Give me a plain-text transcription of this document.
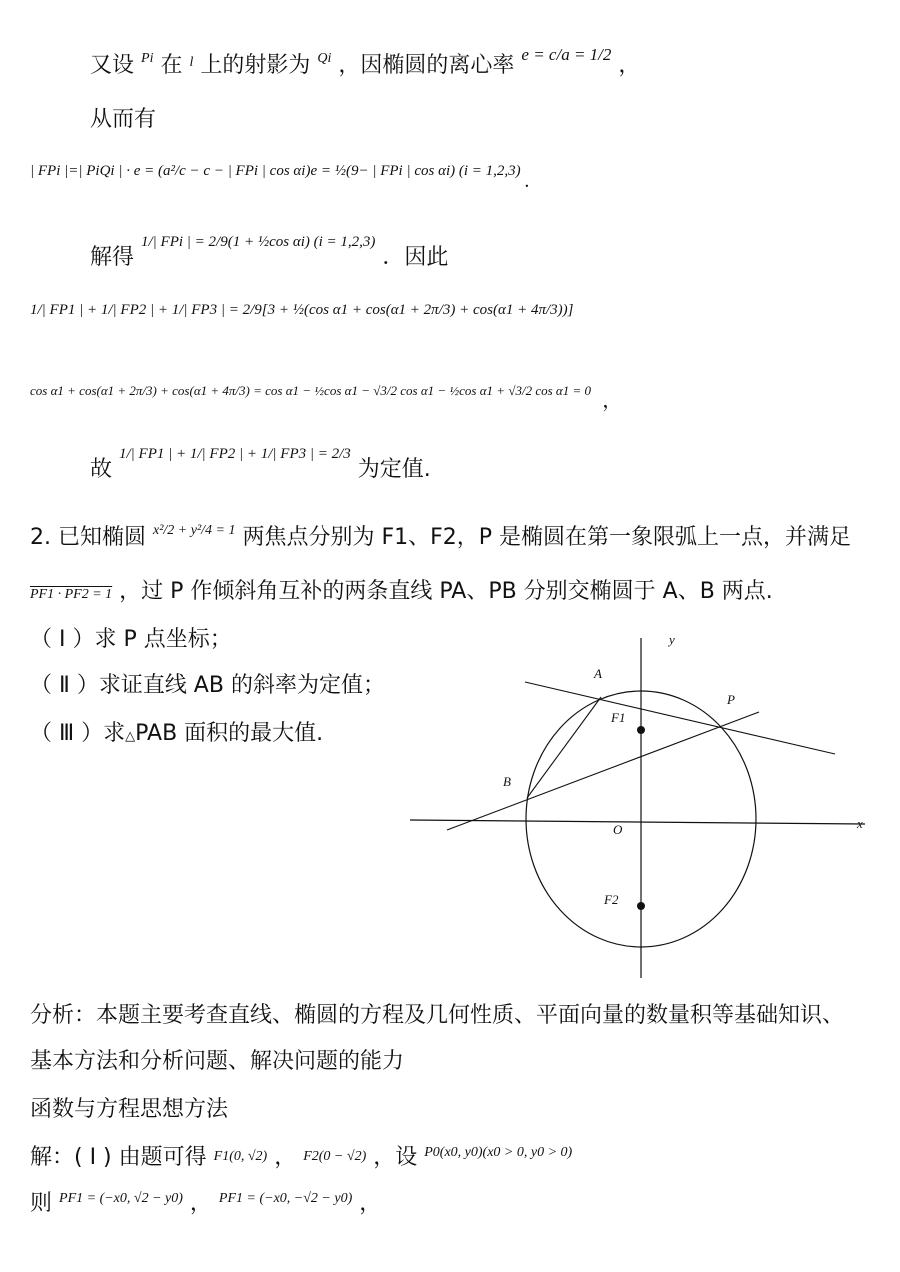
又设 $^{Pi}$ 在 $^l$ 上的射影为 $^{Qi}$ ，因椭圆的离心率 $^{e = c/a = 1/2}$ ，
从而有
| FPi |=| PiQi | · e = (a²/c − c − | FPi | cos αi)e = ½(9− | FPi | cos αi) (i = 1,2,3) .
解得 $^{1/| FPi | = 2/9(1 + \frac{1}{2}cos \alpha i) (i = 1,2,3)}$ ．因此
1/| FP1 | + 1/| FP2 | + 1/| FP3 | = 2/9[3 + ½(cos α1 + cos(α1 + 2π/3) + cos(α1 + 4π/3))]
cos α1 + cos(α1 + 2π/3) + cos(α1 + 4π/3) = cos α1 − ½cos α1 − √3/2 cos α1 − ½cos α1 + √3/2 cos α1 = 0 ，
故 $^{1/| FP1 | + 1/| FP2 | + 1/| FP3 | = 2/3}$ 为定值.
2. 已知椭圆 $^{x^2/2 + y^2/4 = 1}$ 两焦点分别为 F1、F2，P 是椭圆在第一象限弧上一点，并满足
PF1 · PF2 = 1 ，过 P 作倾斜角互补的两条直线 PA、PB 分别交椭圆于 A、B 两点.
（ Ⅰ ）求 P 点坐标；
（ Ⅱ ）求证直线 AB 的斜率为定值；
（ Ⅲ ）求△PAB 面积的最大值.
y
x
O
A
B
P
F1
F2
分析：本题主要考查直线、椭圆的方程及几何性质、平面向量的数量积等基础知识、
基本方法和分析问题、解决问题的能力
函数与方程思想方法
解：( Ⅰ ) 由题可得 F1(0, √2) ， F2(0 − √2) ，设 $^{P0(x0, y0)(x0 > 0, y0 > 0)}$
则 $^{PF1 = (-x0, √2 - y0)}$ ， $^{PF1 = (-x0, -√2 - y0)}$ ，
